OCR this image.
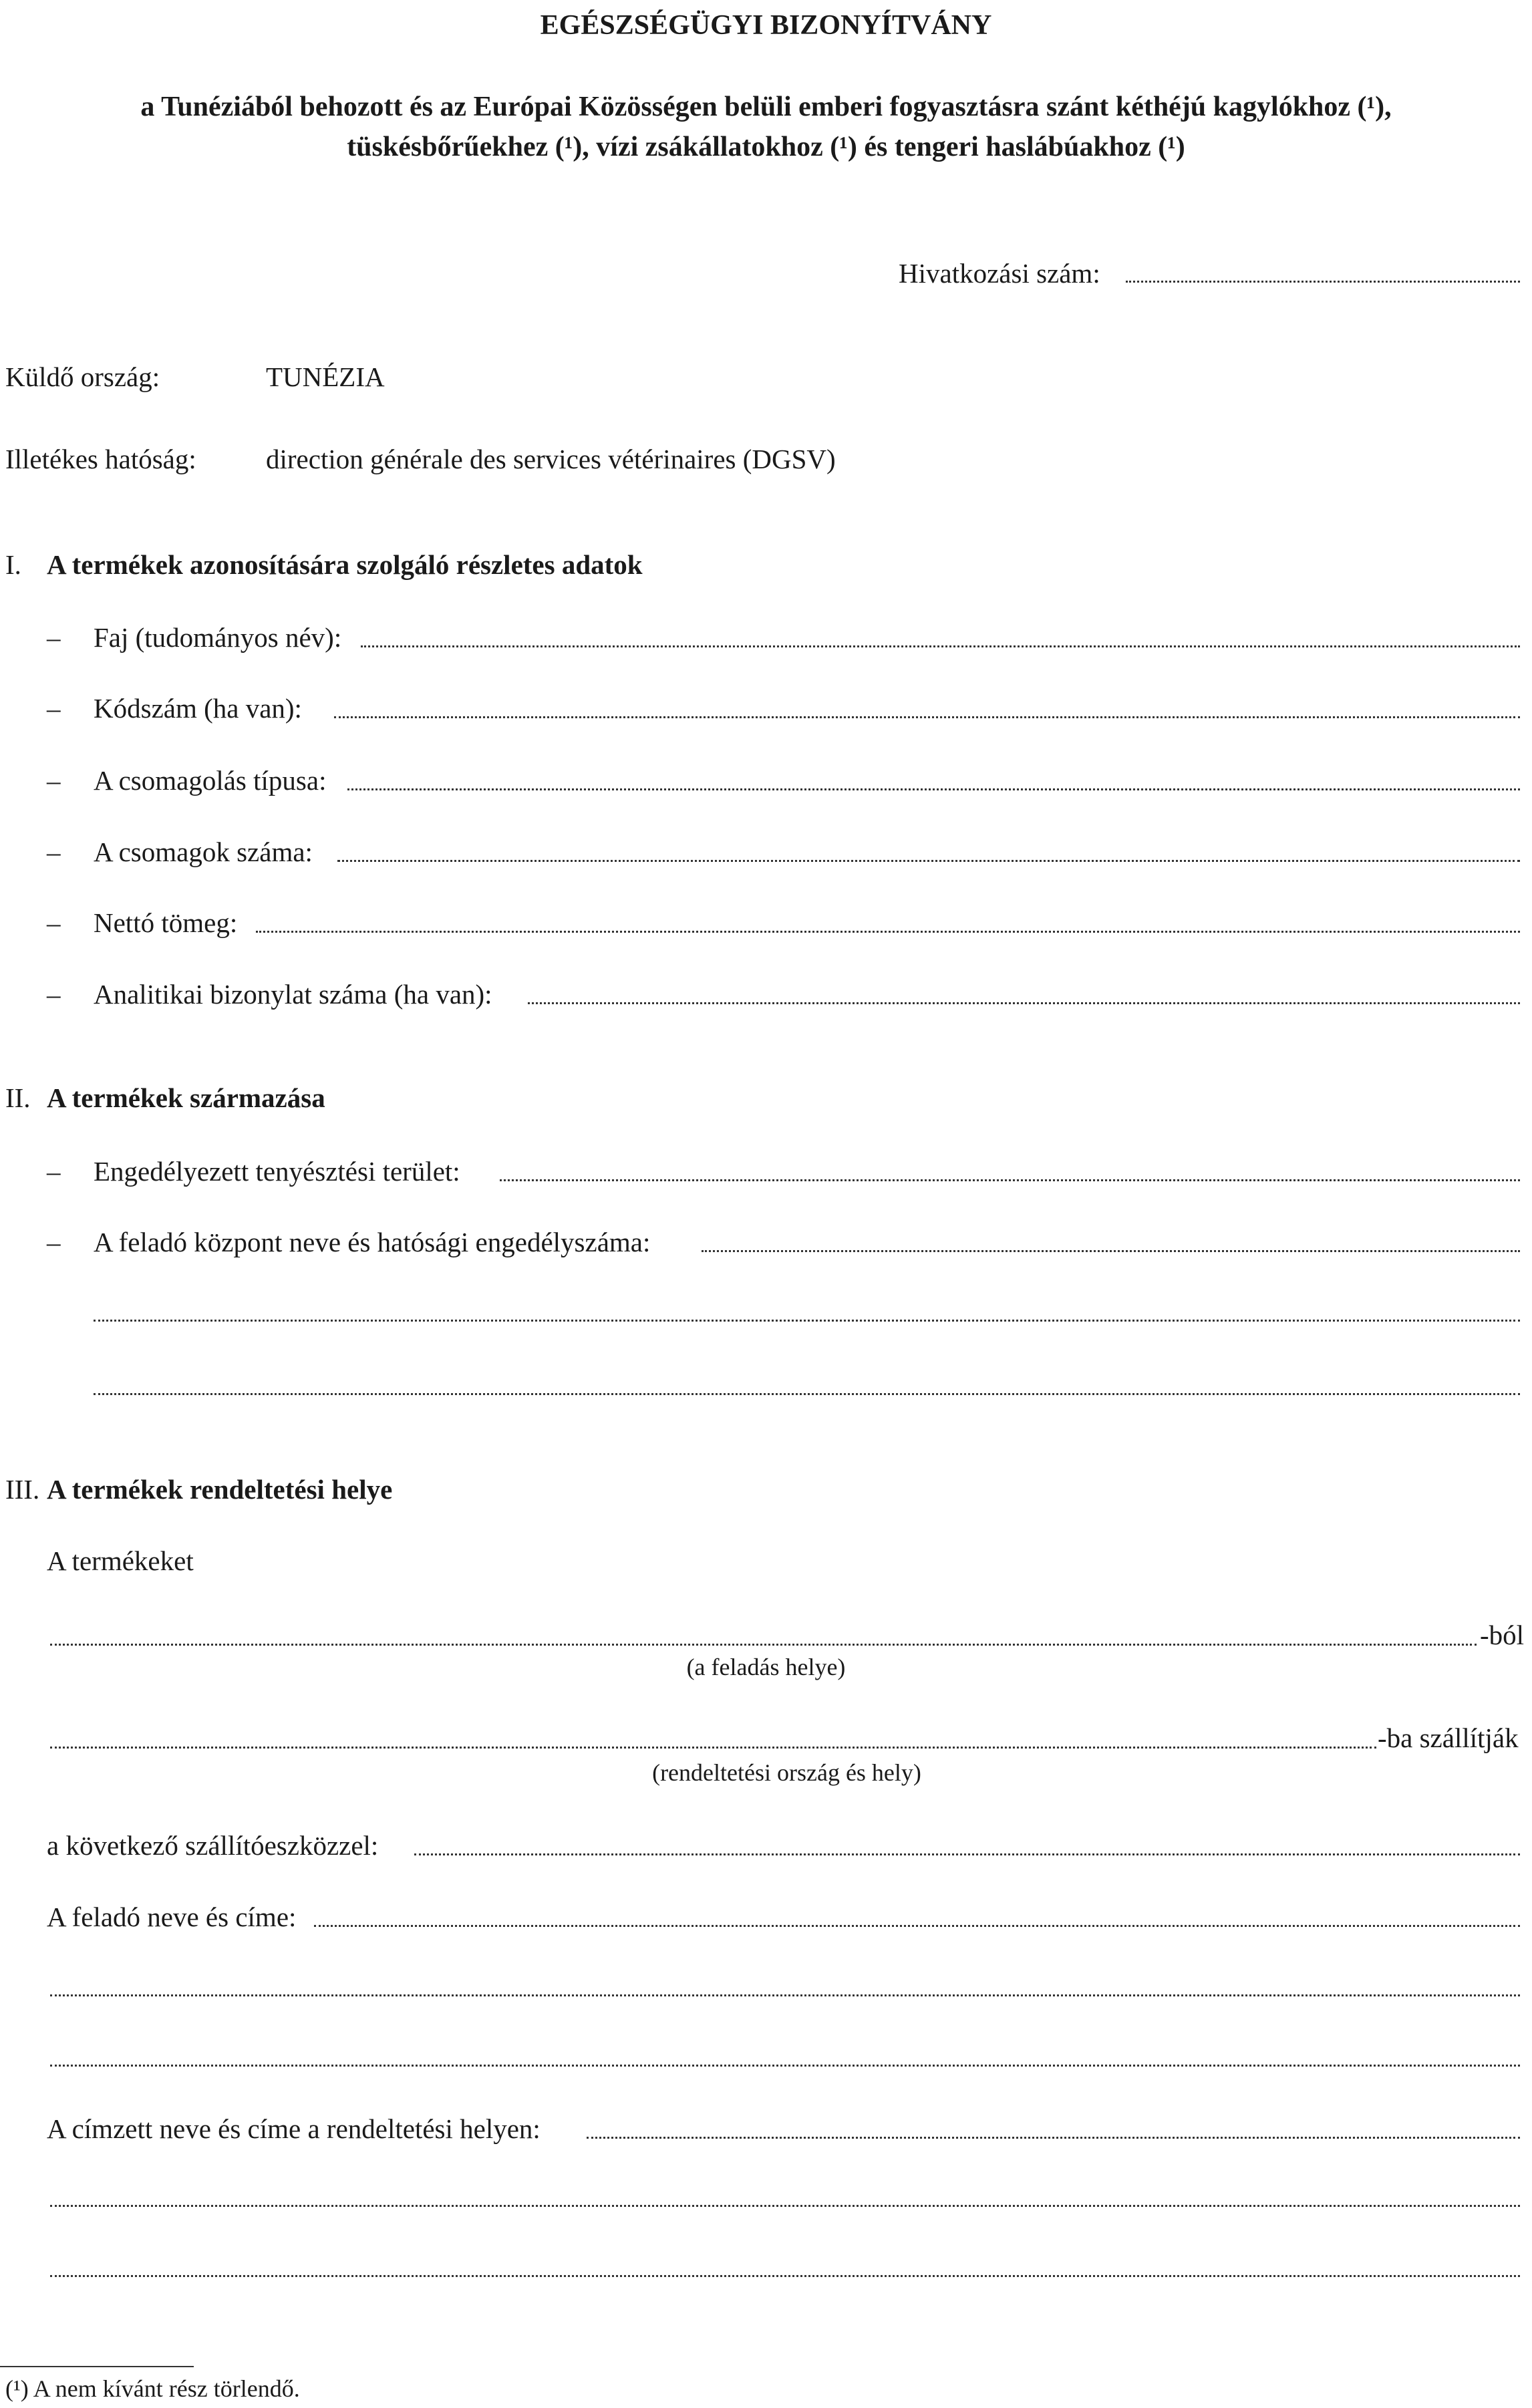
EGÉSZSÉGÜGYI BIZONYÍTVÁNY
a Tunéziából behozott és az Európai Közösségen belüli emberi fogyasztásra szánt kéthéjú kagylókhoz (¹),
tüskésbőrűekhez (¹), vízi zsákállatokhoz (¹) és tengeri haslábúakhoz (¹)
Hivatkozási szám:
Küldő ország:	TUNÉZIA
Illetékes hatóság:	direction générale des services vétérinaires (DGSV)
I. A termékek azonosítására szolgáló részletes adatok
– Faj (tudományos név):
– Kódszám (ha van):
– A csomagolás típusa:
– A csomagok száma:
– Nettó tömeg:
– Analitikai bizonylat száma (ha van):
II. A termékek származása
– Engedélyezett tenyésztési terület:
– A feladó központ neve és hatósági engedélyszáma:
III. A termékek rendeltetési helye
A termékeket
-ból
(a feladás helye)
-ba szállítják
(rendeltetési ország és hely)
a következő szállítóeszközzel:
A feladó neve és címe:
A címzett neve és címe a rendeltetési helyen:
(¹) A nem kívánt rész törlendő.
